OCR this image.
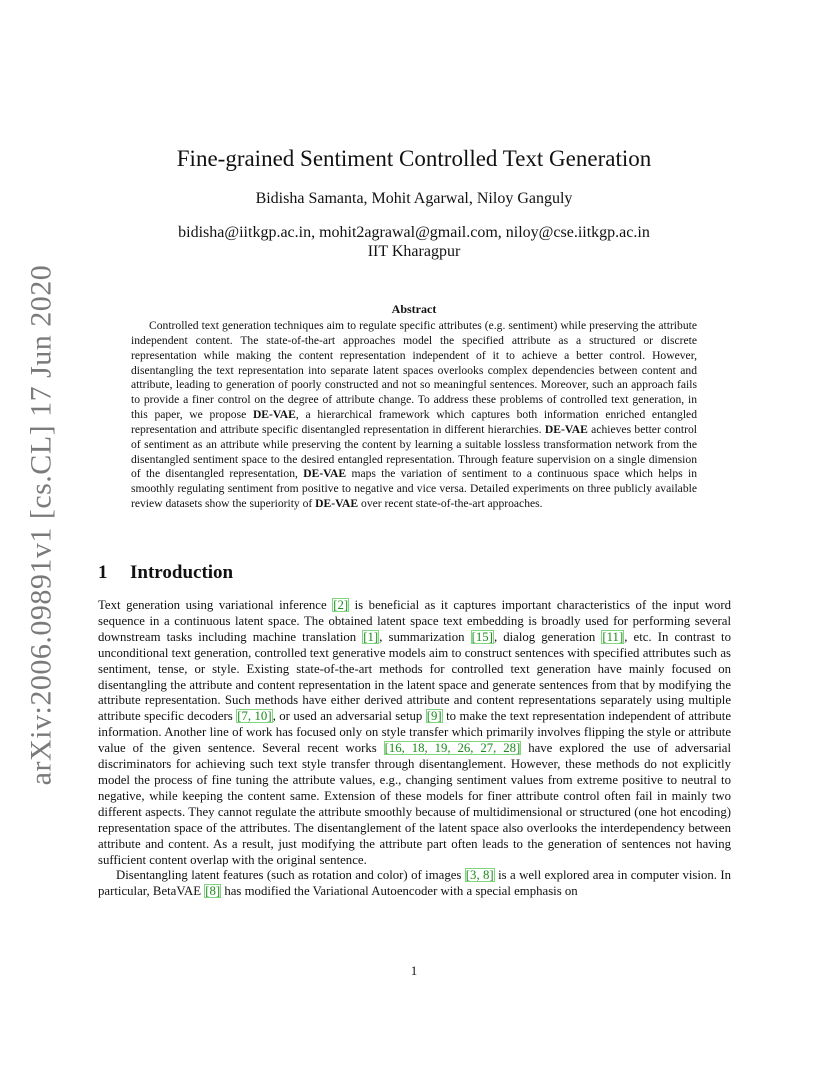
arXiv:2006.09891v1 [cs.CL] 17 Jun 2020
Fine-grained Sentiment Controlled Text Generation
Bidisha Samanta, Mohit Agarwal, Niloy Ganguly
bidisha@iitkgp.ac.in, mohit2agrawal@gmail.com, niloy@cse.iitkgp.ac.in
IIT Kharagpur
Abstract

Controlled text generation techniques aim to regulate specific attributes (e.g. sentiment) while preserving the attribute independent content. The state-of-the-art approaches model the specified attribute as a structured or discrete representation while making the content representation independent of it to achieve a better control. However, disentangling the text representation into separate latent spaces overlooks complex dependencies between content and attribute, leading to generation of poorly constructed and not so meaningful sentences. Moreover, such an approach fails to provide a finer control on the degree of attribute change. To address these problems of controlled text generation, in this paper, we propose DE-VAE, a hierarchical framework which captures both information enriched entangled representation and attribute specific disentangled representation in different hierarchies. DE-VAE achieves better control of sentiment as an attribute while preserving the content by learning a suitable lossless transformation network from the disentangled sentiment space to the desired entangled representation. Through feature supervision on a single dimension of the disentangled representation, DE-VAE maps the variation of sentiment to a continuous space which helps in smoothly regulating sentiment from positive to negative and vice versa. Detailed experiments on three publicly available review datasets show the superiority of DE-VAE over recent state-of-the-art approaches.

1 Introduction

Text generation using variational inference [2] is beneficial as it captures important characteristics of the input word sequence in a continuous latent space. The obtained latent space text embedding is broadly used for performing several downstream tasks including machine translation [1], summarization [15], dialog generation [11], etc. In contrast to unconditional text generation, controlled text generative models aim to construct sentences with specified attributes such as sentiment, tense, or style. Existing state-of-the-art methods for controlled text generation have mainly focused on disentangling the attribute and content representation in the latent space and generate sentences from that by modifying the attribute representation. Such methods have either derived attribute and content representations separately using multiple attribute specific decoders [7, 10], or used an adversarial setup [9] to make the text representation independent of attribute information. Another line of work has focused only on style transfer which primarily involves flipping the style or attribute value of the given sentence. Several recent works [16, 18, 19, 26, 27, 28] have explored the use of adversarial discriminators for achieving such text style transfer through disentanglement. However, these methods do not explicitly model the process of fine tuning the attribute values, e.g., changing sentiment values from extreme positive to neutral to negative, while keeping the content same. Extension of these models for finer attribute control often fail in mainly two different aspects. They cannot regulate the attribute smoothly because of multidimensional or structured (one hot encoding) representation space of the attributes. The disentanglement of the latent space also overlooks the interdependency between attribute and content. As a result, just modifying the attribute part often leads to the generation of sentences not having sufficient content overlap with the original sentence.

Disentangling latent features (such as rotation and color) of images [3, 8] is a well explored area in computer vision. In particular, BetaVAE [8] has modified the Variational Autoencoder with a special emphasis on

1
